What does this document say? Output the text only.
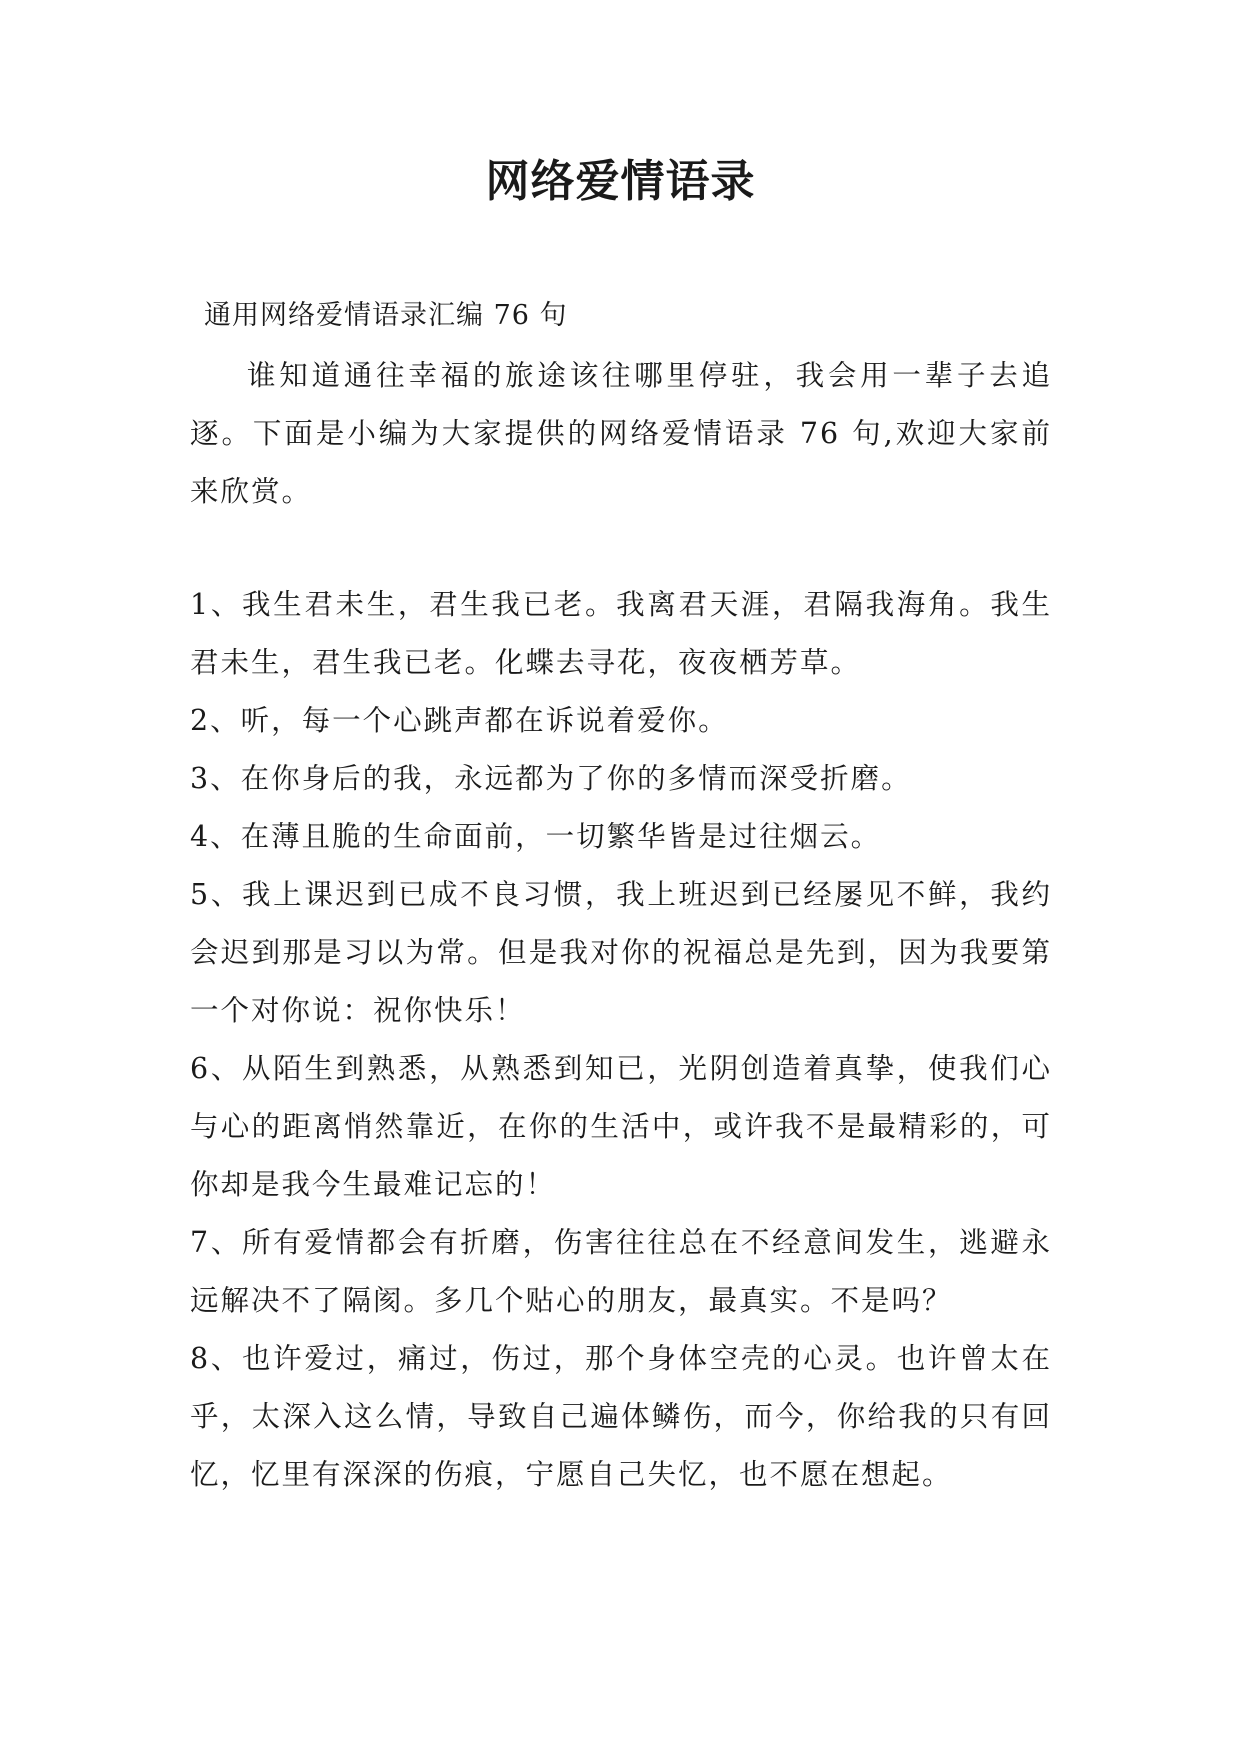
网络爱情语录

通用网络爱情语录汇编 76 句

谁知道通往幸福的旅途该往哪里停驻，我会用一辈子去追逐。下面是小编为大家提供的网络爱情语录 76 句,欢迎大家前来欣赏。

1、我生君未生，君生我已老。我离君天涯，君隔我海角。我生君未生，君生我已老。化蝶去寻花，夜夜栖芳草。

2、听，每一个心跳声都在诉说着爱你。

3、在你身后的我，永远都为了你的多情而深受折磨。

4、在薄且脆的生命面前，一切繁华皆是过往烟云。

5、我上课迟到已成不良习惯，我上班迟到已经屡见不鲜，我约会迟到那是习以为常。但是我对你的祝福总是先到，因为我要第一个对你说：祝你快乐！

6、从陌生到熟悉，从熟悉到知已，光阴创造着真挚，使我们心与心的距离悄然靠近，在你的生活中，或许我不是最精彩的，可你却是我今生最难记忘的！

7、所有爱情都会有折磨，伤害往往总在不经意间发生，逃避永远解决不了隔阂。多几个贴心的朋友，最真实。不是吗？

8、也许爱过，痛过，伤过，那个身体空壳的心灵。也许曾太在乎，太深入这么情，导致自己遍体鳞伤，而今，你给我的只有回忆，忆里有深深的伤痕，宁愿自己失忆，也不愿在想起。
